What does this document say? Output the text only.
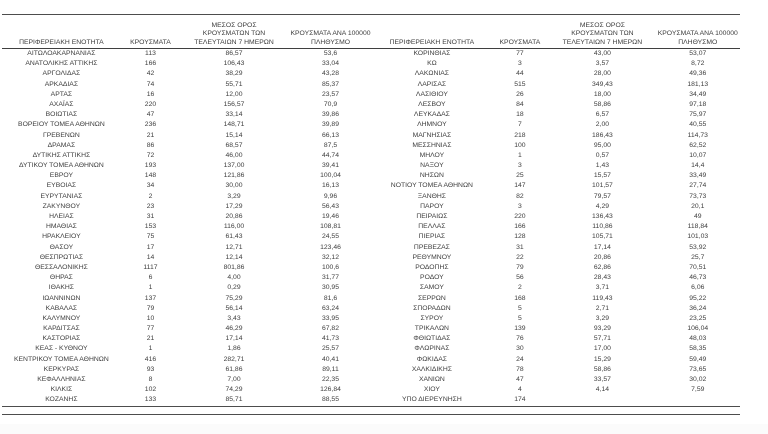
ΠΕΡΙΦΕΡΕΙΑΚΗ ΕΝΟΤΗΤΑ	ΚΡΟΥΣΜΑΤΑ
ΜΕΣΟΣ ΟΡΟΣ
ΚΡΟΥΣΜΑΤΩΝ ΤΩΝ
ΤΕΛΕΥΤΑΙΩΝ 7 ΗΜΕΡΩΝ
ΚΡΟΥΣΜΑΤΑ ΑΝΑ 100000
ΠΛΗΘΥΣΜΟ	ΠΕΡΙΦΕΡΕΙΑΚΗ ΕΝΟΤΗΤΑ	ΚΡΟΥΣΜΑΤΑ
ΜΕΣΟΣ ΟΡΟΣ
ΚΡΟΥΣΜΑΤΩΝ ΤΩΝ
ΤΕΛΕΥΤΑΙΩΝ 7 ΗΜΕΡΩΝ
ΚΡΟΥΣΜΑΤΑ ΑΝΑ 100000
ΠΛΗΘΥΣΜΟ
ΑΙΤΩΛΟΑΚΑΡΝΑΝΙΑΣ	113	86,57	53,6
ΑΝΑΤΟΛΙΚΗΣ ΑΤΤΙΚΗΣ	166	106,43	33,04
ΑΡΓΟΛΙΔΑΣ	42	38,29	43,28
ΑΡΚΑΔΙΑΣ	74	55,71	85,37
ΑΡΤΑΣ	16	12,00	23,57
ΑΧΑΪΑΣ	220	156,57	70,9
ΒΟΙΩΤΙΑΣ	47	33,14	39,86
ΒΟΡΕΙΟΥ ΤΟΜΕΑ ΑΘΗΝΩΝ	236	148,71	39,89
ΓΡΕΒΕΝΩΝ	21	15,14	66,13
ΔΡΑΜΑΣ	86	68,57	87,5
ΔΥΤΙΚΗΣ ΑΤΤΙΚΗΣ	72	46,00	44,74
ΔΥΤΙΚΟΥ ΤΟΜΕΑ ΑΘΗΝΩΝ	193	137,00	39,41
ΕΒΡΟΥ	148	121,86	100,04
ΕΥΒΟΙΑΣ	34	30,00	16,13
ΕΥΡΥΤΑΝΙΑΣ	2	3,29	9,96
ΖΑΚΥΝΘΟΥ	23	17,29	56,43
ΗΛΕΙΑΣ	31	20,86	19,46
ΗΜΑΘΙΑΣ	153	116,00	108,81
ΗΡΑΚΛΕΙΟΥ	75	61,43	24,55
ΘΑΣΟΥ	17	12,71	123,46
ΘΕΣΠΡΩΤΙΑΣ	14	12,14	32,12
ΘΕΣΣΑΛΟΝΙΚΗΣ	1117	801,86	100,6
ΘΗΡΑΣ	6	4,00	31,77
ΙΘΑΚΗΣ	1	0,29	30,95
ΙΩΑΝΝΙΝΩΝ	137	75,29	81,6
ΚΑΒΑΛΑΣ	79	56,14	63,24
ΚΑΛΥΜΝΟΥ	10	3,43	33,95
ΚΑΡΔΙΤΣΑΣ	77	46,29	67,82
ΚΑΣΤΟΡΙΑΣ	21	17,14	41,73
ΚΕΑΣ - ΚΥΘΝΟΥ	1	1,86	25,57
ΚΕΝΤΡΙΚΟΥ ΤΟΜΕΑ ΑΘΗΝΩΝ	416	282,71	40,41
ΚΕΡΚΥΡΑΣ	93	61,86	89,11
ΚΕΦΑΛΛΗΝΙΑΣ	8	7,00	22,35
ΚΙΛΚΙΣ	102	74,29	126,84
ΚΟΖΑΝΗΣ	133	85,71	88,55
ΚΟΡΙΝΘΙΑΣ	77	43,00	53,07
ΚΩ	3	3,57	8,72
ΛΑΚΩΝΙΑΣ	44	28,00	49,36
ΛΑΡΙΣΑΣ	515	349,43	181,13
ΛΑΣΙΘΙΟΥ	26	18,00	34,49
ΛΕΣΒΟΥ	84	58,86	97,18
ΛΕΥΚΑΔΑΣ	18	6,57	75,97
ΛΗΜΝΟΥ	7	2,00	40,55
ΜΑΓΝΗΣΙΑΣ	218	186,43	114,73
ΜΕΣΣΗΝΙΑΣ	100	95,00	62,52
ΜΗΛΟΥ	1	0,57	10,07
ΝΑΞΟΥ	3	1,43	14,4
ΝΗΣΩΝ	25	15,57	33,49
ΝΟΤΙΟΥ ΤΟΜΕΑ ΑΘΗΝΩΝ	147	101,57	27,74
ΞΑΝΘΗΣ	82	79,57	73,73
ΠΑΡΟΥ	3	4,29	20,1
ΠΕΙΡΑΙΩΣ	220	136,43	49
ΠΕΛΛΑΣ	166	110,86	118,84
ΠΙΕΡΙΑΣ	128	105,71	101,03
ΠΡΕΒΕΖΑΣ	31	17,14	53,92
ΡΕΘΥΜΝΟΥ	22	20,86	25,7
ΡΟΔΟΠΗΣ	79	62,86	70,51
ΡΟΔΟΥ	56	28,43	46,73
ΣΑΜΟΥ	2	3,71	6,06
ΣΕΡΡΩΝ	168	119,43	95,22
ΣΠΟΡΑΔΩΝ	5	2,71	36,24
ΣΥΡΟΥ	5	3,29	23,25
ΤΡΙΚΑΛΩΝ	139	93,29	106,04
ΦΘΙΩΤΙΔΑΣ	76	57,71	48,03
ΦΛΩΡΙΝΑΣ	30	17,00	58,35
ΦΩΚΙΔΑΣ	24	15,29	59,49
ΧΑΛΚΙΔΙΚΗΣ	78	58,86	73,65
ΧΑΝΙΩΝ	47	33,57	30,02
ΧΙΟΥ	4	4,14	7,59
ΥΠΟ ΔΙΕΡΕΥΝΗΣΗ	174
